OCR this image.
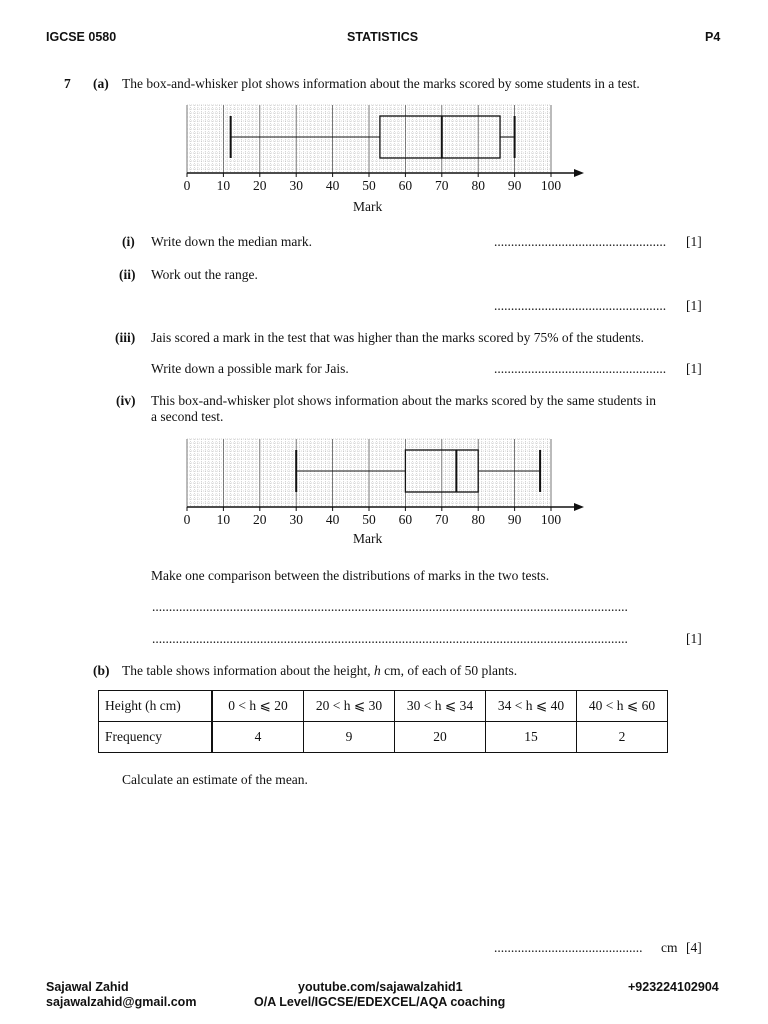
IGCSE 0580	STATISTICS	P4
7 (a) The box-and-whisker plot shows information about the marks scored by some students in a test.
0	10	20	30	40	50	60	70	80	90	100
Mark
(i) Write down the median mark.	................................................... [1]
(ii) Work out the range.
................................................... [1]
(iii) Jais scored a mark in the test that was higher than the marks scored by 75% of the students.
Write down a possible mark for Jais.	................................................... [1]
(iv) This box-and-whisker plot shows information about the marks scored by the same students in
a second test.
0	10	20	30	40	50	60	70	80	90	100
Mark
Make one comparison between the distributions of marks in the two tests.
.............................................................................................................................................
.............................................................................................................................................	[1]
(b) The table shows information about the height, h cm, of each of 50 plants.
Height (h cm)	0 < h ⩽ 20	20 < h ⩽ 30	30 < h ⩽ 34	34 < h ⩽ 40	40 < h ⩽ 60
Frequency	4	9	20	15	2
Calculate an estimate of the mean.
............................................ cm [4]
Sajawal Zahid
sajawalzahid@gmail.com
youtube.com/sajawalzahid1
O/A Level/IGCSE/EDEXCEL/AQA coaching
+923224102904
